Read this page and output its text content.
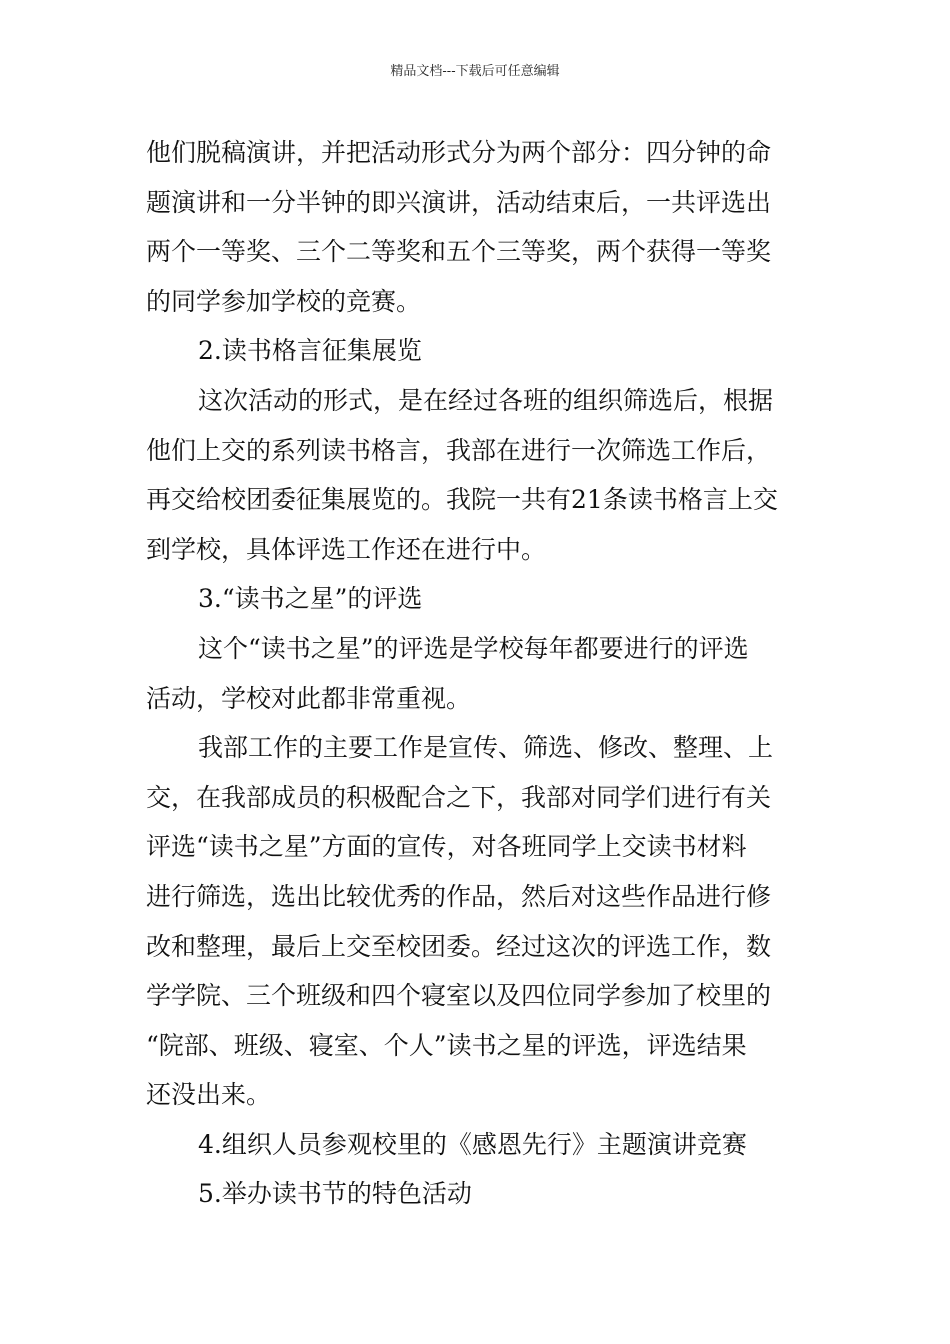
精品文档---下载后可任意编辑
他们脱稿演讲，并把活动形式分为两个部分：四分钟的命
题演讲和一分半钟的即兴演讲，活动结束后，一共评选出
两个一等奖、三个二等奖和五个三等奖，两个获得一等奖
的同学参加学校的竞赛。
2.读书格言征集展览
这次活动的形式，是在经过各班的组织筛选后，根据
他们上交的系列读书格言，我部在进行一次筛选工作后，
再交给校团委征集展览的。我院一共有21条读书格言上交
到学校，具体评选工作还在进行中。
3.“读书之星”的评选
这个“读书之星”的评选是学校每年都要进行的评选
活动，学校对此都非常重视。
我部工作的主要工作是宣传、筛选、修改、整理、上
交，在我部成员的积极配合之下，我部对同学们进行有关
评选“读书之星”方面的宣传，对各班同学上交读书材料
进行筛选，选出比较优秀的作品，然后对这些作品进行修
改和整理，最后上交至校团委。经过这次的评选工作，数
学学院、三个班级和四个寝室以及四位同学参加了校里的
“院部、班级、寝室、个人”读书之星的评选，评选结果
还没出来。
4.组织人员参观校里的《感恩先行》主题演讲竞赛
5.举办读书节的特色活动
